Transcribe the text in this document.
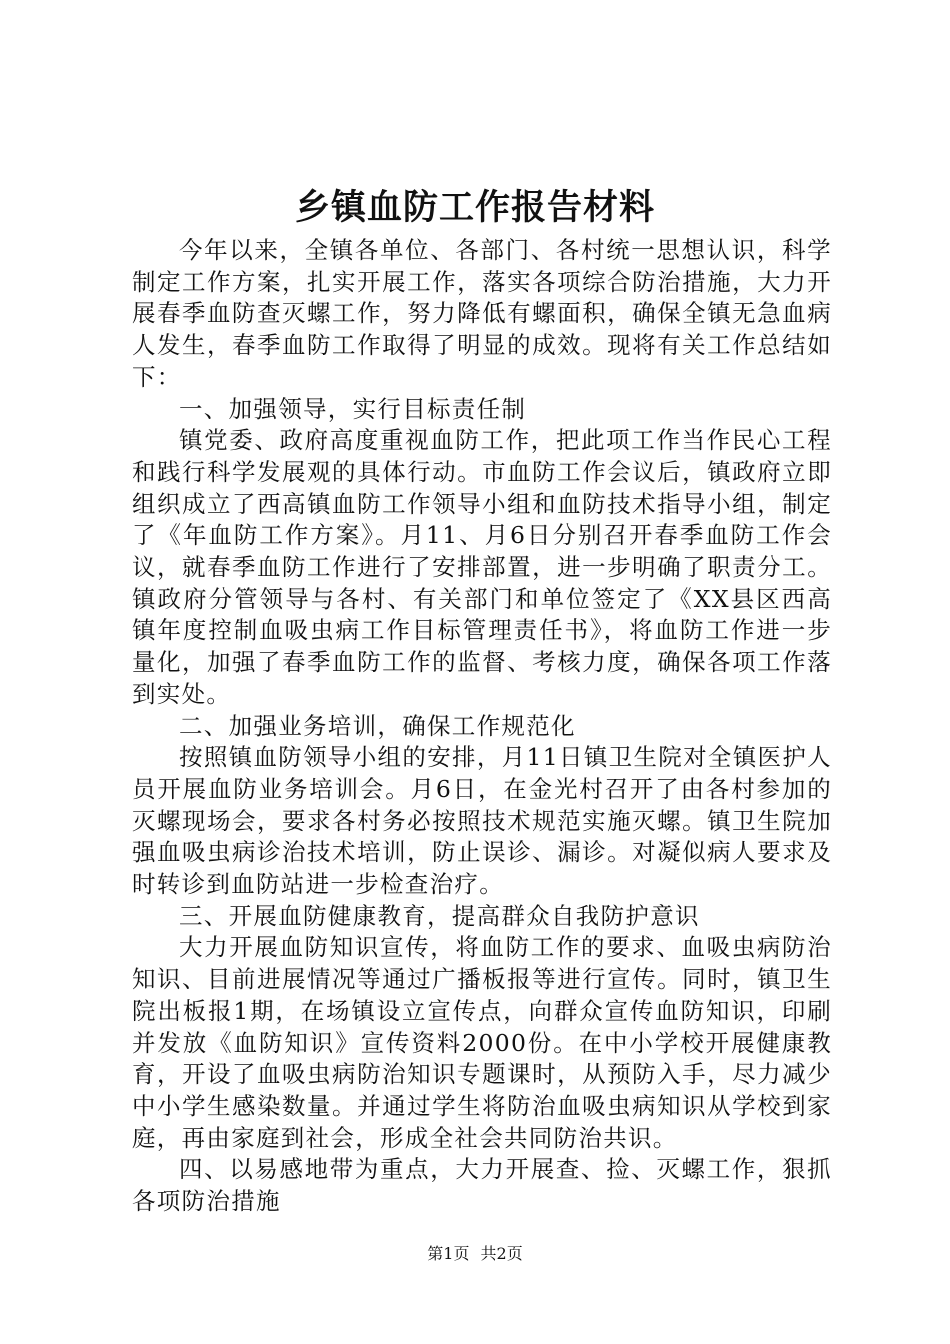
乡镇血防工作报告材料

今年以来，全镇各单位、各部门、各村统一思想认识，科学制定工作方案，扎实开展工作，落实各项综合防治措施，大力开展春季血防查灭螺工作，努力降低有螺面积，确保全镇无急血病人发生，春季血防工作取得了明显的成效。现将有关工作总结如下：

一、加强领导，实行目标责任制

镇党委、政府高度重视血防工作，把此项工作当作民心工程和践行科学发展观的具体行动。市血防工作会议后，镇政府立即组织成立了西高镇血防工作领导小组和血防技术指导小组，制定了《年血防工作方案》。月11、月6日分别召开春季血防工作会议，就春季血防工作进行了安排部置，进一步明确了职责分工。镇政府分管领导与各村、有关部门和单位签定了《XX县区西高镇年度控制血吸虫病工作目标管理责任书》，将血防工作进一步量化，加强了春季血防工作的监督、考核力度，确保各项工作落到实处。

二、加强业务培训，确保工作规范化

按照镇血防领导小组的安排，月11日镇卫生院对全镇医护人员开展血防业务培训会。月6日，在金光村召开了由各村参加的灭螺现场会，要求各村务必按照技术规范实施灭螺。镇卫生院加强血吸虫病诊治技术培训，防止误诊、漏诊。对凝似病人要求及时转诊到血防站进一步检查治疗。

三、开展血防健康教育，提高群众自我防护意识

大力开展血防知识宣传，将血防工作的要求、血吸虫病防治知识、目前进展情况等通过广播板报等进行宣传。同时，镇卫生院出板报1期，在场镇设立宣传点，向群众宣传血防知识，印刷并发放《血防知识》宣传资料2000份。在中小学校开展健康教育，开设了血吸虫病防治知识专题课时，从预防入手，尽力减少中小学生感染数量。并通过学生将防治血吸虫病知识从学校到家庭，再由家庭到社会，形成全社会共同防治共识。

四、以易感地带为重点，大力开展查、捡、灭螺工作，狠抓各项防治措施

第1页 共2页
